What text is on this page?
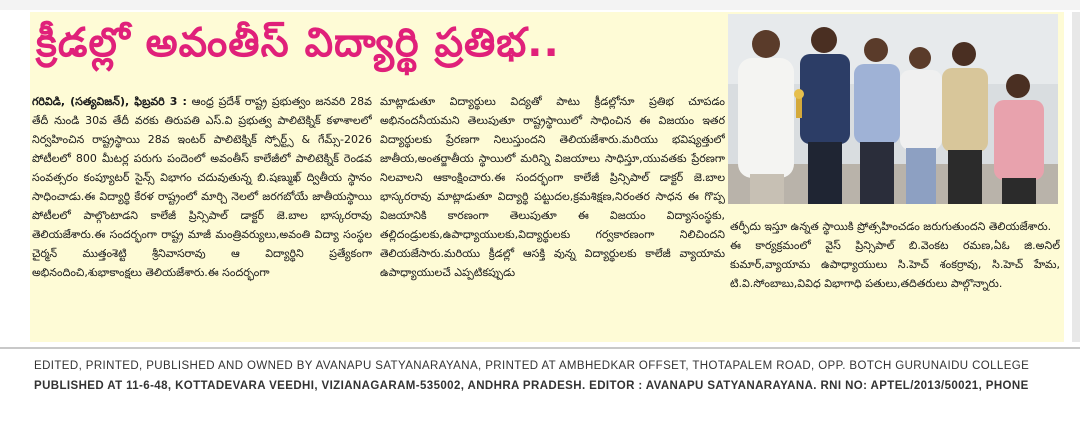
క్రీడల్లో అవంతీస్ విద్యార్థి ప్రతిభ..
గరివిడి, (సత్యవిజన్), ఫిబ్రవరి 3 : ఆంధ్ర ప్రదేశ్ రాష్ట్ర ప్రభుత్వం జనవరి 28వ తేదీ నుండి 30వ తేదీ వరకు తిరుపతి ఎస్.వి ప్రభుత్వ పాలిటెక్నిక్ కళాశాలలో నిర్వహించిన రాష్ట్రస్థాయి 28వ ఇంటర్ పాలిటెక్నిక్ స్పోర్ట్స్ & గేమ్స్-2026 పోటీలలో 800 మీటర్ల పరుగు పందెంలో అవంతీస్ కాలేజీలో పాలిటెక్నిక్ రెండవ సంవత్సరం కంప్యూటర్ సైన్స్ విభాగం చదువుతున్న బి.షణ్ముఖ్ ద్వితీయ స్థానం సాధించాడు.ఈ విద్యార్థి కేరళ రాష్ట్రంలో మార్చి నెలలో జరగబోయే జాతీయస్థాయి పోటీలలో పాల్గొంటాడని కాలేజీ ప్రిన్సిపాల్ డాక్టర్ జె.బాల భాస్కరరావు తెలియజేశారు.ఈ సందర్భంగా రాష్ట్ర మాజీ మంత్రివర్యులు,అవంతి విద్యా సంస్థల చైర్మన్ ముత్తంశెట్టి శ్రీనివాసరావు ఆ విద్యార్థిని ప్రత్యేకంగా అభినందించి,శుభాకాంక్షలు తెలియజేశారు.ఈ సందర్భంగా
మాట్లాడుతూ విద్యార్థులు విద్యతో పాటు క్రీడల్లోనూ ప్రతిభ చూపడం అభినందనీయమని తెలుపుతూ రాష్ట్రస్థాయిలో సాధించిన ఈ విజయం ఇతర విద్యార్థులకు ప్రేరణగా నిలుస్తుందని తెలియజేశారు.మరియు భవిష్యత్తులో జాతీయ,అంతర్జాతీయ స్థాయిలో మరిన్ని విజయాలు సాధిస్తూ,యువతకు ప్రేరణగా నిలవాలని ఆకాంక్షించారు.ఈ సందర్భంగా కాలేజీ ప్రిన్సిపాల్ డాక్టర్ జె.బాల భాస్కరరావు మాట్లాడుతూ విద్యార్థి పట్టుదల,క్రమశిక్షణ,నిరంతర సాధన ఈ గొప్ప విజయానికి కారణంగా తెలుపుతూ ఈ విజయం విద్యాసంస్థకు, తల్లిదండ్రులకు,ఉపాధ్యాయులకు,విద్యార్థులకు గర్వకారణంగా నిలిచిందని తెలియజేసారు.మరియు క్రీడల్లో ఆసక్తి వున్న విద్యార్థులకు కాలేజీ వ్యాయామ ఉపాధ్యాయులచే ఎప్పటికప్పుడు
తర్ఫీదు ఇస్తూ ఉన్నత స్థాయికి ప్రోత్సహించడం జరుగుతుందని తెలియజేశారు.
ఈ కార్యక్రమంలో వైస్ ప్రిన్సిపాల్ బి.వెంకట రమణ,ఏఓ జి.అనిల్ కుమార్,వ్యాయామ ఉపాధ్యాయులు సి.హెచ్ శంకర్రావు, సి.హెచ్ హేమ, టి.వి.సోంబాబు,వివిధ విభాగాధి పతులు,తదితరులు పాల్గొన్నారు.
EDITED, PRINTED, PUBLISHED AND OWNED BY AVANAPU SATYANARAYANA, PRINTED AT AMBHEDKAR OFFSET, THOTAPALEM ROAD, OPP. BOTCH GURUNAIDU COLLEGE
PUBLISHED AT 11-6-48, KOTTADEVARA VEEDHI, VIZIANAGARAM-535002, ANDHRA PRADESH. EDITOR : AVANAPU SATYANARAYANA. RNI NO: APTEL/2013/50021, PHONE
